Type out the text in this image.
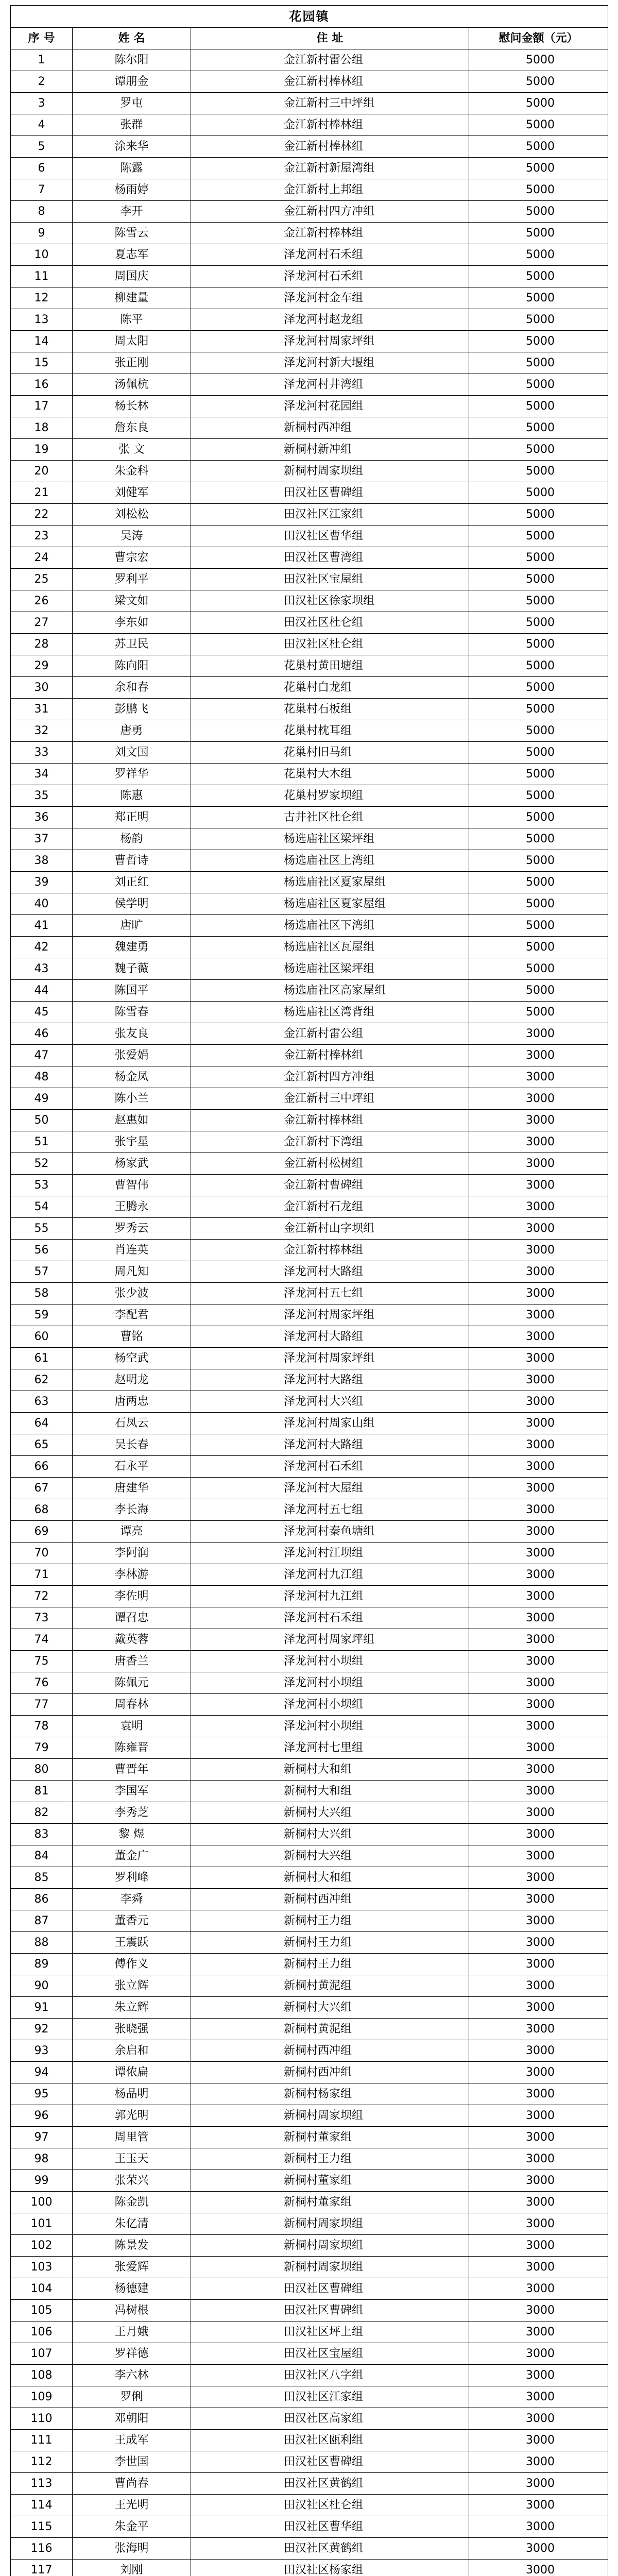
花园镇			
序 号	姓 名	住 址	慰问金额（元）
1	陈尔阳	金江新村雷公组	5000
2	谭朋金	金江新村棒林组	5000
3	罗屯	金江新村三中坪组	5000
4	张群	金江新村棒林组	5000
5	涂来华	金江新村棒林组	5000
6	陈露	金江新村新屋湾组	5000
7	杨雨婷	金江新村上邦组	5000
8	李开	金江新村四方冲组	5000
9	陈雪云	金江新村棒林组	5000
10	夏志军	泽龙河村石禾组	5000
11	周国庆	泽龙河村石禾组	5000
12	柳建量	泽龙河村金车组	5000
13	陈平	泽龙河村赵龙组	5000
14	周太阳	泽龙河村周家坪组	5000
15	张正刚	泽龙河村新大堰组	5000
16	汤佩杭	泽龙河村井湾组	5000
17	杨长林	泽龙河村花园组	5000
18	詹东良	新桐村西冲组	5000
19	张 文	新桐村新冲组	5000
20	朱金科	新桐村周家坝组	5000
21	刘健军	田汉社区曹碑组	5000
22	刘松松	田汉社区江家组	5000
23	吴涛	田汉社区曹华组	5000
24	曹宗宏	田汉社区曹湾组	5000
25	罗利平	田汉社区宝屋组	5000
26	梁文如	田汉社区徐家坝组	5000
27	李东如	田汉社区杜仑组	5000
28	苏卫民	田汉社区杜仑组	5000
29	陈向阳	花巢村黄田塘组	5000
30	余和春	花巢村白龙组	5000
31	彭鹏飞	花巢村石板组	5000
32	唐勇	花巢村枕耳组	5000
33	刘文国	花巢村旧马组	5000
34	罗祥华	花巢村大木组	5000
35	陈惠	花巢村罗家坝组	5000
36	郑正明	古井社区杜仑组	5000
37	杨韵	杨选庙社区梁坪组	5000
38	曹哲诗	杨选庙社区上湾组	5000
39	刘正红	杨选庙社区夏家屋组	5000
40	侯学明	杨选庙社区夏家屋组	5000
41	唐旷	杨选庙社区下湾组	5000
42	魏建勇	杨选庙社区瓦屋组	5000
43	魏子薇	杨选庙社区梁坪组	5000
44	陈国平	杨选庙社区高家屋组	5000
45	陈雪春	杨选庙社区湾背组	5000
46	张友良	金江新村雷公组	3000
47	张爱娟	金江新村棒林组	3000
48	杨金凤	金江新村四方冲组	3000
49	陈小兰	金江新村三中坪组	3000
50	赵惠如	金江新村棒林组	3000
51	张宇星	金江新村下湾组	3000
52	杨家武	金江新村松树组	3000
53	曹智伟	金江新村曹碑组	3000
54	王腾永	金江新村石龙组	3000
55	罗秀云	金江新村山字坝组	3000
56	肖连英	金江新村棒林组	3000
57	周凡知	泽龙河村大路组	3000
58	张少波	泽龙河村五七组	3000
59	李配君	泽龙河村周家坪组	3000
60	曹铭	泽龙河村大路组	3000
61	杨空武	泽龙河村周家坪组	3000
62	赵明龙	泽龙河村大路组	3000
63	唐两忠	泽龙河村大兴组	3000
64	石凤云	泽龙河村周家山组	3000
65	吴长春	泽龙河村大路组	3000
66	石永平	泽龙河村石禾组	3000
67	唐建华	泽龙河村大屋组	3000
68	李长海	泽龙河村五七组	3000
69	谭亮	泽龙河村秦鱼塘组	3000
70	李阿润	泽龙河村江坝组	3000
71	李林游	泽龙河村九江组	3000
72	李佐明	泽龙河村九江组	3000
73	谭召忠	泽龙河村石禾组	3000
74	戴英蓉	泽龙河村周家坪组	3000
75	唐香兰	泽龙河村小坝组	3000
76	陈佩元	泽龙河村小坝组	3000
77	周春林	泽龙河村小坝组	3000
78	袁明	泽龙河村小坝组	3000
79	陈雍晋	泽龙河村七里组	3000
80	曹晋年	新桐村大和组	3000
81	李国军	新桐村大和组	3000
82	李秀芝	新桐村大兴组	3000
83	黎 煜	新桐村大兴组	3000
84	董金广	新桐村大兴组	3000
85	罗利峰	新桐村大和组	3000
86	李舜	新桐村西冲组	3000
87	董香元	新桐村王力组	3000
88	王震跃	新桐村王力组	3000
89	傅作义	新桐村王力组	3000
90	张立辉	新桐村黄泥组	3000
91	朱立辉	新桐村大兴组	3000
92	张晓强	新桐村黄泥组	3000
93	余启和	新桐村西冲组	3000
94	谭侬扁	新桐村西冲组	3000
95	杨品明	新桐村杨家组	3000
96	郭光明	新桐村周家坝组	3000
97	周里管	新桐村董家组	3000
98	王玉天	新桐村王力组	3000
99	张荣兴	新桐村董家组	3000
100	陈金凯	新桐村董家组	3000
101	朱亿清	新桐村周家坝组	3000
102	陈景发	新桐村周家坝组	3000
103	张爱辉	新桐村周家坝组	3000
104	杨德建	田汉社区曹碑组	3000
105	冯树根	田汉社区曹碑组	3000
106	王月娥	田汉社区坪上组	3000
107	罗祥德	田汉社区宝屋组	3000
108	李六林	田汉社区八字组	3000
109	罗俐	田汉社区江家组	3000
110	邓朝阳	田汉社区高家组	3000
111	王成军	田汉社区瓯利组	3000
112	李世国	田汉社区曹碑组	3000
113	曹尚春	田汉社区黄鹤组	3000
114	王光明	田汉社区杜仑组	3000
115	朱金平	田汉社区曹华组	3000
116	张海明	田汉社区黄鹤组	3000
117	刘刚	田汉社区杨家组	3000
